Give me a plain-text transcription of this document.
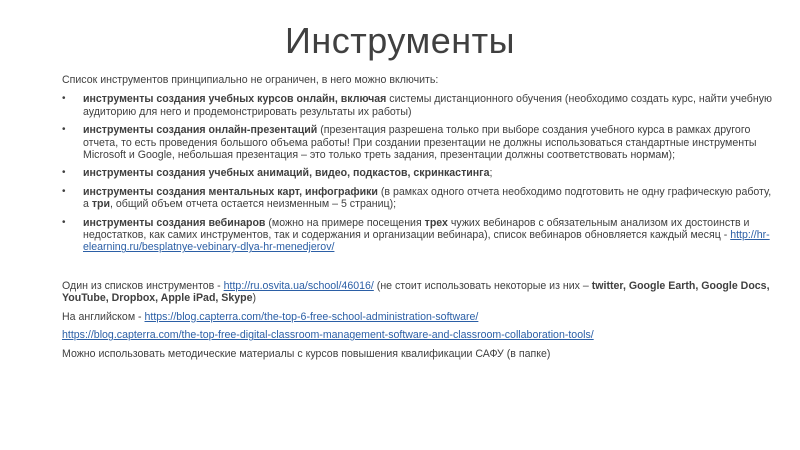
Инструменты

Список инструментов принципиально не ограничен, в него можно включить:

• инструменты создания учебных курсов онлайн, включая системы дистанционного обучения (необходимо создать курс, найти учебную аудиторию для него и продемонстрировать результаты их работы)
• инструменты создания онлайн-презентаций (презентация разрешена только при выборе создания учебного курса в рамках другого отчета, то есть проведения большого объема работы! При создании презентации не должны использоваться стандартные инструменты Microsoft и Google, небольшая презентация – это только треть задания, презентации должны соответствовать нормам);
• инструменты создания учебных анимаций, видео, подкастов, скринкастинга;
• инструменты создания ментальных карт, инфографики (в рамках одного отчета необходимо подготовить не одну графическую работу, а три, общий объем отчета остается неизменным – 5 страниц);
• инструменты создания вебинаров (можно на примере посещения трех чужих вебинаров с обязательным анализом их достоинств и недостатков, как самих инструментов, так и содержания и организации вебинара), список вебинаров обновляется каждый месяц - http://hr-elearning.ru/besplatnye-vebinary-dlya-hr-menedjerov/

Один из списков инструментов - http://ru.osvita.ua/school/46016/ (не стоит использовать некоторые из них – twitter, Google Earth, Google Docs, YouTube, Dropbox, Apple iPad, Skype)

На английском - https://blog.capterra.com/the-top-6-free-school-administration-software/

https://blog.capterra.com/the-top-free-digital-classroom-management-software-and-classroom-collaboration-tools/

Можно использовать методические материалы с курсов повышения квалификации САФУ (в папке)
